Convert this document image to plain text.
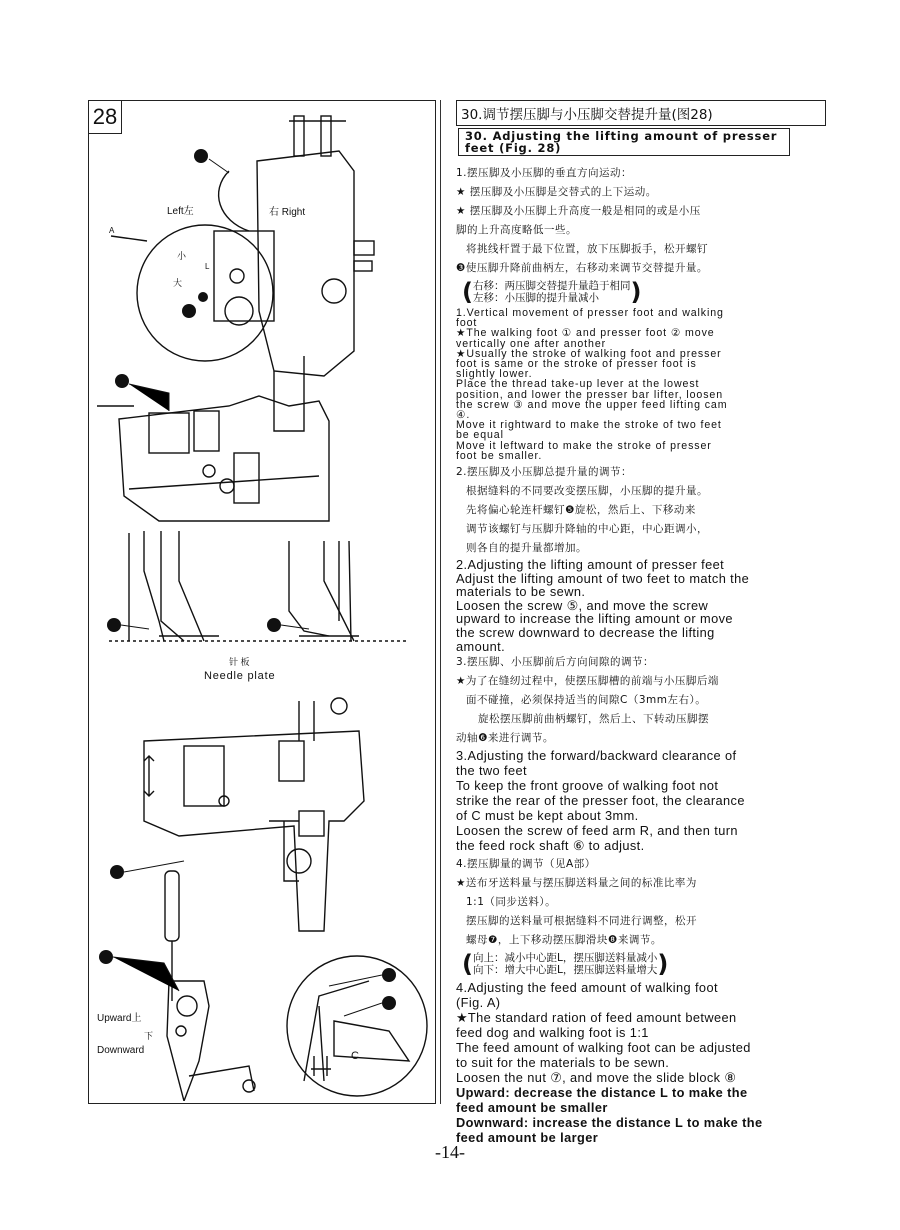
28
Left左	右 Right
A
小
大
L
针 板
Needle plate
Upward上
下
Downward	C
30.调节摆压脚与小压脚交替提升量(图28)
30. Adjusting the lifting amount of presser feet (Fig. 28)
1.摆压脚及小压脚的垂直方向运动：
★ 摆压脚及小压脚是交替式的上下运动。
★ 摆压脚及小压脚上升高度一般是相同的或是小压
脚的上升高度略低一些。
将挑线杆置于最下位置，放下压脚扳手，松开螺钉
❸使压脚升降前曲柄左，右移动来调节交替提升量。
( 右移：两压脚交替提升量趋于相同
左移：小压脚的提升量减小	)
1.Vertical movement of presser foot and walking
foot
★The walking foot ① and presser foot ② move
vertically one after another
★Usually the stroke of walking foot and presser
foot is same or the stroke of presser foot is
slightly lower.
Place the thread take-up lever at the lowest
position, and lower the presser bar lifter, loosen
the screw ③ and move the upper feed lifting cam
④.
Move it rightward to make the stroke of two feet
be equal
Move it leftward to make the stroke of presser
foot be smaller.
2.摆压脚及小压脚总提升量的调节：
根据缝料的不同要改变摆压脚，小压脚的提升量。
先将偏心轮连杆螺钉❺旋松，然后上、下移动来
调节该螺钉与压脚升降轴的中心距，中心距调小，
则各自的提升量都增加。
2.Adjusting the lifting amount of presser feet
Adjust the lifting amount of two feet to match the
materials to be sewn.
Loosen the screw ⑤, and move the screw
upward to increase the lifting amount or move
the screw downward to decrease the lifting
amount.
3.摆压脚、小压脚前后方向间隙的调节：
★为了在缝纫过程中，使摆压脚槽的前端与小压脚后端
面不碰撞，必须保持适当的间隙C（3mm左右）。
旋松摆压脚前曲柄螺钉，然后上、下转动压脚摆
动轴❻来进行调节。
3.Adjusting the forward/backward clearance of
the two feet
To keep the front groove of walking foot not
strike the rear of the presser foot, the clearance
of C must be kept about 3mm.
Loosen the screw of feed arm R, and then turn
the feed rock shaft ⑥ to adjust.
4.摆压脚量的调节（见A部）
★送布牙送料量与摆压脚送料量之间的标准比率为
1:1（同步送料）。
摆压脚的送料量可根据缝料不同进行调整，松开
螺母❼，上下移动摆压脚滑块❽来调节。
( 向上：减小中心距L，摆压脚送料量减小
向下：增大中心距L，摆压脚送料量增大 )
4.Adjusting the feed amount of walking foot
(Fig. A)
★The standard ration of feed amount between
feed dog and walking foot is 1:1
The feed amount of walking foot can be adjusted
to suit for the materials to be sewn.
Loosen the nut ⑦, and move the slide block ⑧
Upward: decrease the distance L to make the
feed amount be smaller
Downward: increase the distance L to make the
feed amount be larger
-14-
